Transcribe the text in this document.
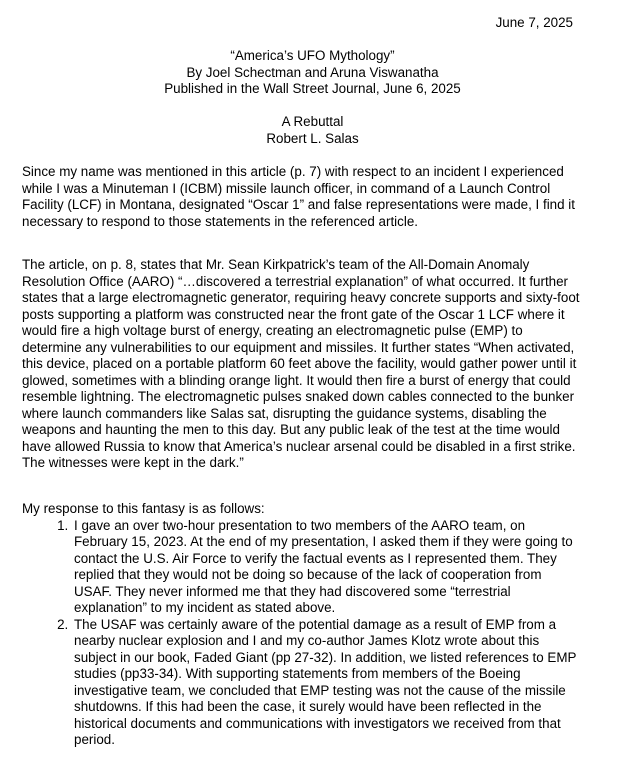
June 7, 2025
“America’s UFO Mythology”
By Joel Schectman and Aruna Viswanatha
Published in the Wall Street Journal, June 6, 2025
A Rebuttal
Robert L. Salas

Since my name was mentioned in this article (p. 7) with respect to an incident I experienced while I was a Minuteman I (ICBM) missile launch officer, in command of a Launch Control Facility (LCF) in Montana, designated “Oscar 1” and false representations were made, I find it necessary to respond to those statements in the referenced article.

The article, on p. 8, states that Mr. Sean Kirkpatrick’s team of the All-Domain Anomaly Resolution Office (AARO) “…discovered a terrestrial explanation” of what occurred. It further states that a large electromagnetic generator, requiring heavy concrete supports and sixty-foot posts supporting a platform was constructed near the front gate of the Oscar 1 LCF where it would fire a high voltage burst of energy, creating an electromagnetic pulse (EMP) to determine any vulnerabilities to our equipment and missiles. It further states “When activated, this device, placed on a portable platform 60 feet above the facility, would gather power until it glowed, sometimes with a blinding orange light. It would then fire a burst of energy that could resemble lightning. The electromagnetic pulses snaked down cables connected to the bunker where launch commanders like Salas sat, disrupting the guidance systems, disabling the weapons and haunting the men to this day. But any public leak of the test at the time would have allowed Russia to know that America’s nuclear arsenal could be disabled in a first strike. The witnesses were kept in the dark.”

My response to this fantasy is as follows:

1. I gave an over two-hour presentation to two members of the AARO team, on February 15, 2023. At the end of my presentation, I asked them if they were going to contact the U.S. Air Force to verify the factual events as I represented them. They replied that they would not be doing so because of the lack of cooperation from USAF. They never informed me that they had discovered some “terrestrial explanation” to my incident as stated above.
2. The USAF was certainly aware of the potential damage as a result of EMP from a nearby nuclear explosion and I and my co-author James Klotz wrote about this subject in our book, Faded Giant (pp 27-32). In addition, we listed references to EMP studies (pp33-34). With supporting statements from members of the Boeing investigative team, we concluded that EMP testing was not the cause of the missile shutdowns. If this had been the case, it surely would have been reflected in the historical documents and communications with investigators we received from that period.
